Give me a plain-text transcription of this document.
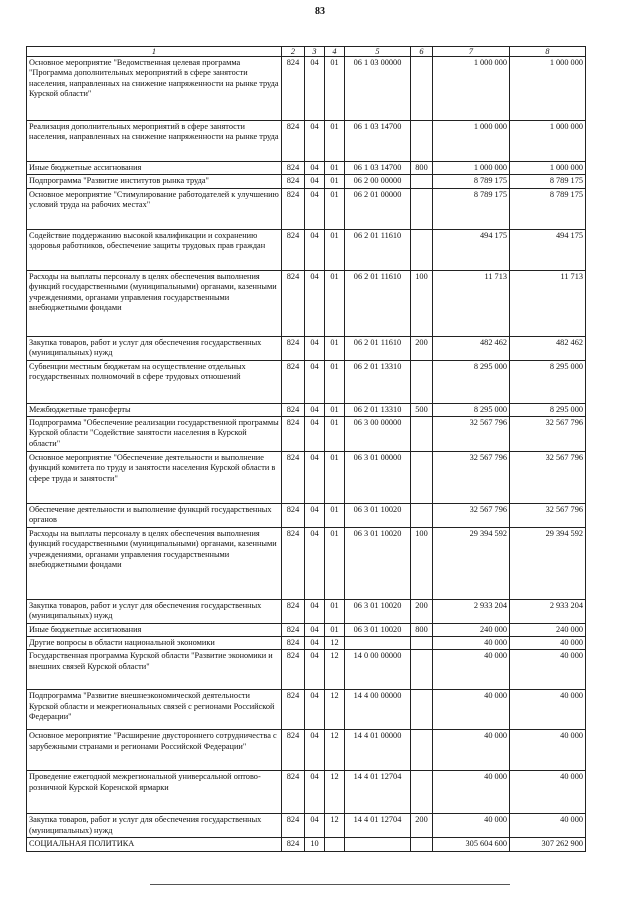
83
1	2	3	4	5	6	7	8
Основное мероприятие "Ведомственная целевая программа "Программа дополнительных мероприятий в сфере занятости населения, направленных на снижение напряженности на рынке труда Курской области"	824	04	01	06 1 03 00000		1 000 000	1 000 000
Реализация дополнительных мероприятий в сфере занятости населения, направленных на снижение напряженности на рынке труда	824	04	01	06 1 03 14700		1 000 000	1 000 000
Иные бюджетные ассигнования	824	04	01	06 1 03 14700	800	1 000 000	1 000 000
Подпрограмма "Развитие институтов рынка труда"	824	04	01	06 2 00 00000		8 789 175	8 789 175
Основное мероприятие "Стимулирование работодателей к улучшению условий труда на рабочих местах"	824	04	01	06 2 01 00000		8 789 175	8 789 175
Содействие поддержанию высокой квалификации и сохранению здоровья работников, обеспечение защиты трудовых прав граждан	824	04	01	06 2 01 11610		494 175	494 175
Расходы на выплаты персоналу в целях обеспечения выполнения функций государственными (муниципальными) органами, казенными учреждениями, органами управления государственными внебюджетными фондами	824	04	01	06 2 01 11610	100	11 713	11 713
Закупка товаров, работ и услуг для обеспечения государственных (муниципальных) нужд	824	04	01	06 2 01 11610	200	482 462	482 462
Субвенции местным бюджетам на осуществление отдельных государственных полномочий в сфере трудовых отношений	824	04	01	06 2 01 13310		8 295 000	8 295 000
Межбюджетные трансферты	824	04	01	06 2 01 13310	500	8 295 000	8 295 000
Подпрограмма "Обеспечение реализации государственной программы Курской области "Содействие занятости населения в Курской области"	824	04	01	06 3 00 00000		32 567 796	32 567 796
Основное мероприятие "Обеспечение деятельности и выполнение функций комитета по труду и занятости населения Курской области в сфере труда и занятости"	824	04	01	06 3 01 00000		32 567 796	32 567 796
Обеспечение деятельности и выполнение функций государственных органов	824	04	01	06 3 01 10020		32 567 796	32 567 796
Расходы на выплаты персоналу в целях обеспечения выполнения функций государственными (муниципальными) органами, казенными учреждениями, органами управления государственными внебюджетными фондами	824	04	01	06 3 01 10020	100	29 394 592	29 394 592
Закупка товаров, работ и услуг для обеспечения государственных (муниципальных) нужд	824	04	01	06 3 01 10020	200	2 933 204	2 933 204
Иные бюджетные ассигнования	824	04	01	06 3 01 10020	800	240 000	240 000
Другие вопросы в области национальной экономики	824	04	12			40 000	40 000
Государственная программа Курской области "Развитие экономики и внешних связей Курской области"	824	04	12	14 0 00 00000		40 000	40 000
Подпрограмма "Развитие внешнеэкономической деятельности Курской области и межрегиональных связей с регионами Российской Федерации"	824	04	12	14 4 00 00000		40 000	40 000
Основное мероприятие "Расширение двустороннего сотрудничества с зарубежными странами и регионами Российской Федерации"	824	04	12	14 4 01 00000		40 000	40 000
Проведение ежегодной межрегиональной универсальной оптово-розничной Курской Коренской ярмарки	824	04	12	14 4 01 12704		40 000	40 000
Закупка товаров, работ и услуг для обеспечения государственных (муниципальных) нужд	824	04	12	14 4 01 12704	200	40 000	40 000
СОЦИАЛЬНАЯ ПОЛИТИКА	824	10				305 604 600	307 262 900
